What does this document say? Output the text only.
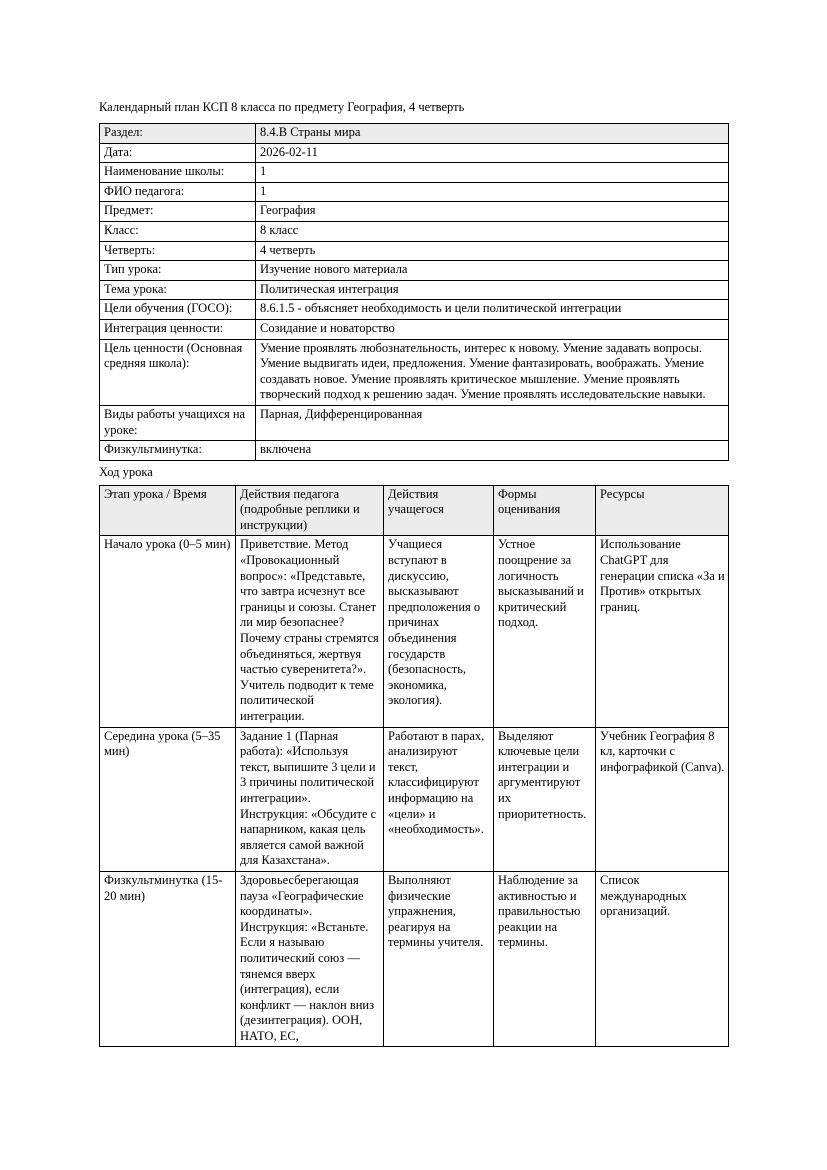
Календарный план КСП 8 класса по предмету География, 4 четверть

Раздел:	8.4.B Страны мира
Дата:	2026-02-11
Наименование школы:	1
ФИО педагога:	1
Предмет:	География
Класс:	8 класс
Четверть:	4 четверть
Тип урока:	Изучение нового материала
Тема урока:	Политическая интеграция
Цели обучения (ГОСО):	8.6.1.5 - объясняет необходимость и цели политической интеграции
Интеграция ценности:	Созидание и новаторство
Цель ценности (Основная средняя школа):	Умение проявлять любознательность, интерес к новому. Умение задавать вопросы. Умение выдвигать идеи, предложения. Умение фантазировать, воображать. Умение создавать новое. Умение проявлять критическое мышление. Умение проявлять творческий подход к решению задач. Умение проявлять исследовательские навыки.
Виды работы учащихся на уроке:	Парная, Дифференцированная
Физкультминутка:	включена

Ход урока

Этап урока / Время	Действия педагога (подробные реплики и инструкции)	Действия учащегося	Формы оценивания	Ресурсы
Начало урока (0–5 мин)	Приветствие. Метод «Провокационный вопрос»: «Представьте, что завтра исчезнут все границы и союзы. Станет ли мир безопаснее? Почему страны стремятся объединяться, жертвуя частью суверенитета?». Учитель подводит к теме политической интеграции.	Учащиеся вступают в дискуссию, высказывают предположения о причинах объединения государств (безопасность, экономика, экология).	Устное поощрение за логичность высказываний и критический подход.	Использование ChatGPT для генерации списка «За и Против» открытых границ.
Середина урока (5–35 мин)	Задание 1 (Парная работа): «Используя текст, выпишите 3 цели и 3 причины политической интеграции». Инструкция: «Обсудите с напарником, какая цель является самой важной для Казахстана».	Работают в парах, анализируют текст, классифицируют информацию на «цели» и «необходимость».	Выделяют ключевые цели интеграции и аргументируют их приоритетность.	Учебник География 8 кл, карточки с инфографикой (Canva).
Физкультминутка (15-20 мин)	Здоровьесберегающая пауза «Географические координаты». Инструкция: «Встаньте. Если я называю политический союз — тянемся вверх (интеграция), если конфликт — наклон вниз (дезинтеграция). ООН, НАТО, ЕС,	Выполняют физические упражнения, реагируя на термины учителя.	Наблюдение за активностью и правильностью реакции на термины.	Список международных организаций.
